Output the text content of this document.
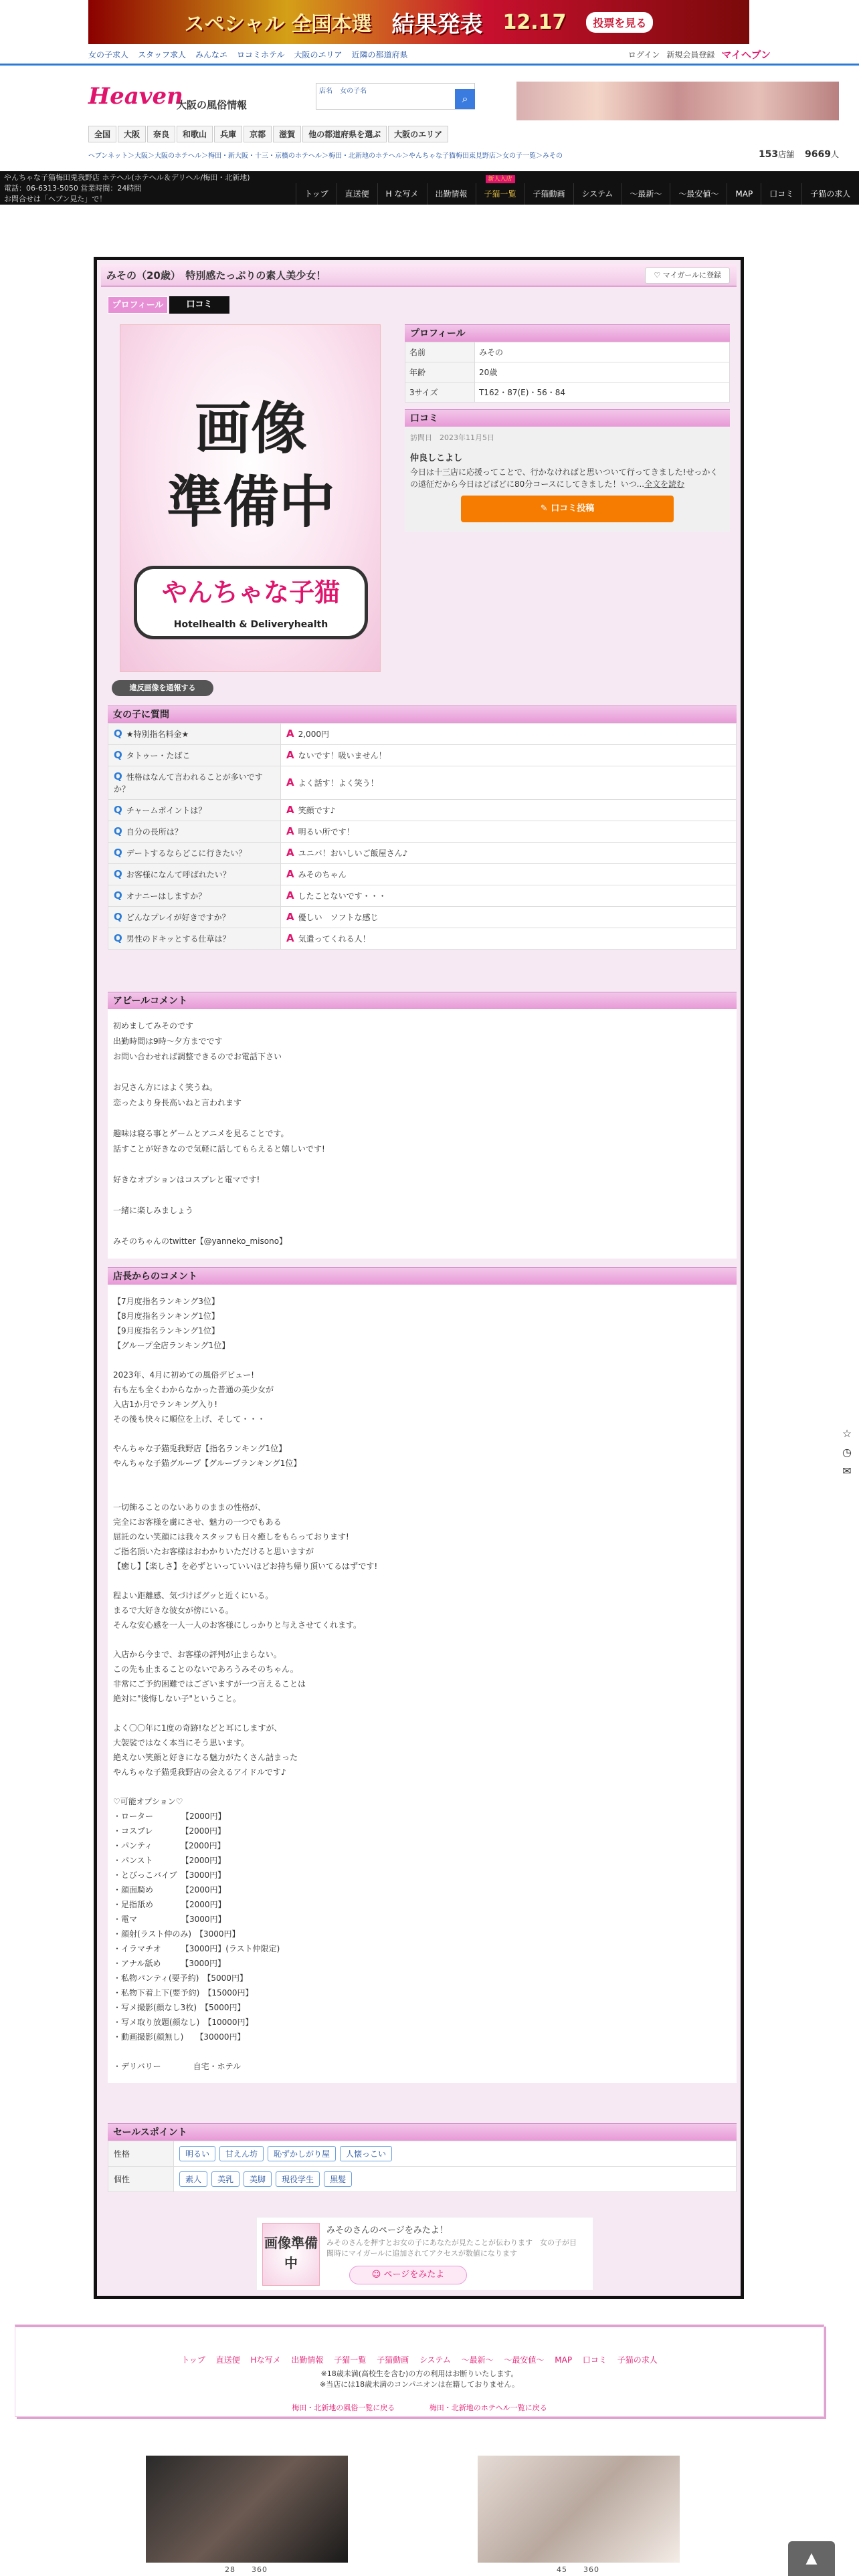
スペシャル 全国本選 結果発表 12.17	投票を見る
女の子求人 スタッフ求人 みんなエ ロコミホテル 大阪のエリア 近隣の都道府県	ログイン 新規会員登録 マイヘブン
Heaven
大阪の風俗情報
店名 女の子名
⌕
全国	大阪	奈良	和歌山	兵庫	京都	滋賀	他の都道府県を選ぶ	大阪のエリア
153店舗　 9669人
ヘブンネット＞大阪＞大阪のホテヘル＞梅田・新大阪・十三・京橋のホテヘル＞梅田・北新地のホテヘル＞やんちゃな子猫梅田東見野店＞女の子一覧＞みその
やんちゃな子猫梅田兎我野店 ホテヘル(ホテヘル＆デリヘル/梅田・北新地)
電話：06-6313-5050 営業時間：24時間
お問合せは「ヘブン見た」で！
トップ	直送便	H な写メ	出勤情報
新人入店
子猫一覧	子猫動画	システム	〜最新〜	〜最安値〜	MAP	口コミ	子猫の求人
みその（20歳）　特別感たっぷりの素人美少女！	♡ マイガールに登録
プロフィール	口コミ
画像
準備中
やんちゃな子猫
Hotelhealth & Deliveryhealth
違反画像を通報する
プロフィール
名前	みその
年齢	20歳
3サイズ	T162・87(E)・56・84
口コミ
訪問日　 2023年11月5日
仲良しこよし
今日は十三店に応援ってことで、行かなければと思いついて行ってきました!せっかくの遠征だから今日はどばどに80分コースにしてきました！いつ...全文を読む
✎ 口コミ投稿
女の子に質問
Q ★特別指名料金★	A 2,000円
Q タトゥー・たばこ	A ないです！吸いません！
Q 性格はなんて言われることが多いですか？	A よく話す！よく笑う！
Q チャームポイントは？	A 笑顔です♪
Q 自分の長所は？	A 明るい所です！
Q デートするならどこに行きたい？	A ユニバ！おいしいご飯屋さん♪
Q お客様になんて呼ばれたい？	A みそのちゃん
Q オナニーはしますか？	A したことないです・・・
Q どんなプレイが好きですか？	A 優しい　ソフトな感じ
Q 男性のドキッとする仕草は？	A 気遣ってくれる人！
アピールコメント
初めましてみそのです
出勤時間は9時〜夕方までです
お問い合わせれば調整できるのでお電話下さい

お兄さん方にはよく笑うね。
恋ったより身長高いねと言われます

趣味は寝る事とゲームとアニメを見ることです。
話すことが好きなので気軽に話してもらえると嬉しいです!

好きなオプションはコスプレと電マです!

一緒に楽しみましょう

みそのちゃんのtwitter【@yanneko_misono】
店長からのコメント
【7月度指名ランキング3位】
【8月度指名ランキング1位】
【9月度指名ランキング1位】
【グループ全店ランキング1位】

2023年、4月に初めての風俗デビュー!
右も左も全くわからなかった普通の美少女が
入店1か月でランキング入り!
その後も快々に順位を上げ、そして・・・

やんちゃな子猫兎我野店【指名ランキング1位】
やんちゃな子猫グループ【グループランキング1位】

一切飾ることのないありのままの性格が、
完全にお客様を虜にさせ、魅力の一つでもある
屈託のない笑顔には我々スタッフも日々癒しをもらっております!
ご指名頂いたお客様はおわかりいただけると思いますが
【癒し】【楽しさ】を必ずといっていいほどお持ち帰り頂いてるはずです!

程よい距離感、気づけばグッと近くにいる。
まるで大好きな彼女が傍にいる。
そんな安心感を一人一人のお客様にしっかりと与えさせてくれます。

入店から今まで、お客様の評判が止まらない。
この先も止まることのないであろうみそのちゃん。
非常にご予約困難ではございますが一つ言えることは
絶対に"後悔しない子"ということ。

よく〇〇年に1度の奇跡!などと耳にしますが、
大袈裟ではなく本当にそう思います。
絶えない笑顔と好きになる魅力がたくさん詰まった
やんちゃな子猫兎我野店の会えるアイドルです♪

♡可能オプション♡
・ローター　　　　【2000円】
・コスプレ　　　　【2000円】
・パンティ　　　　【2000円】
・パンスト　　　　【2000円】
・とびっこバイブ　【3000円】
・顔面騎め　　　　【2000円】
・足指舐め　　　　【2000円】
・電マ　　　　　　【3000円】
・顔射(ラスト仲のみ)　【3000円】
・イラマチオ　　　【3000円】(ラスト仲限定)
・アナル舐め　　　【3000円】
・私物パンティ(要予約)　【5000円】
・私物下着上下(要予約)　【15000円】
・写メ撮影(顔なし3枚)　【5000円】
・写メ取り放題(顔なし)　【10000円】
・動画撮影(顔無し)　　【30000円】

・デリバリー　　　　自宅・ホテル
セールスポイント
性格	明るい 甘えん坊 恥ずかしがり屋 人懐っこい
個性	素人 美乳 美脚 現役学生 黒髪
画像準備中
みそのさんのページをみたよ！
みそのさんを押すとお女の子にあなたが見たことが伝わります　女の子が目聞時にマイガールに追加されてアクセスが数値になります
☺ ページをみたよ
トップ 直送便 Hな写メ 出勤情報 子猫一覧 子猫動画 システム 〜最新〜 〜最安値〜 MAP 口コミ 子猫の求人
※18歳未満(高校生を含む)の方の利用はお断りいたします。
※当店には18歳未満のコンパニオンは在籍しておりません。
梅田・北新地の風俗一覧に戻る	梅田・北新地のホテヘル一覧に戻る
28　　360	45　　360
☆
◷
✉
▲
